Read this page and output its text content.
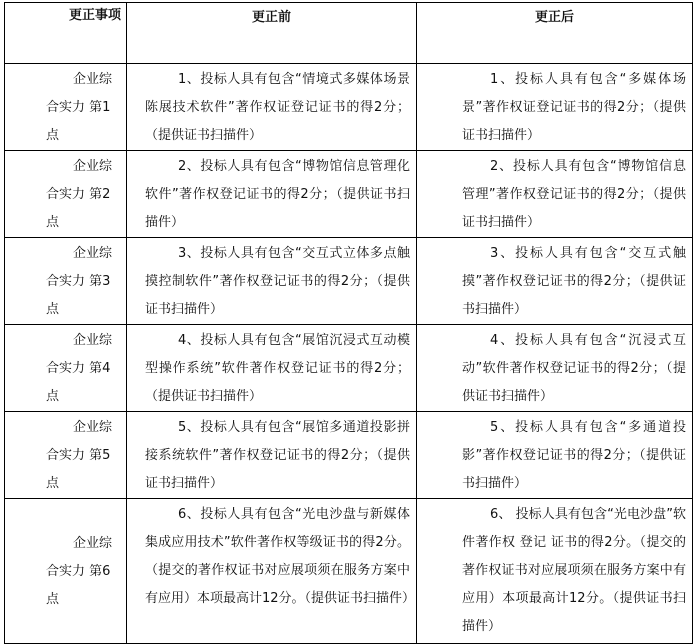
更正事项	更正前	更正后
企业综合实力 第1点	1、投标人具有包含“情境式多媒体场景陈展技术软件”著作权证登记证书的得2分；（提供证书扫描件）	1、投标人具有包含“多媒体场景”著作权证登记证书的得2分；（提供证书扫描件）
企业综合实力 第2点	2、投标人具有包含“博物馆信息管理化软件”著作权登记证书的得2分；（提供证书扫描件）	2、投标人具有包含“博物馆信息管理”著作权登记证书的得2分；（提供证书扫描件）
企业综合实力 第3点	3、投标人具有包含“交互式立体多点触摸控制软件”著作权登记证书的得2分；（提供证书扫描件）	3、投标人具有包含“交互式触摸”著作权登记证书的得2分；（提供证书扫描件）
企业综合实力 第4点	4、投标人具有包含“展馆沉浸式互动模型操作系统”软件著作权登记证书的得2分；（提供证书扫描件）	4、投标人具有包含“沉浸式互动”软件著作权登记证书的得2分；（提供证书扫描件）
企业综合实力 第5点	5、投标人具有包含“展馆多通道投影拼接系统软件”著作权登记证书的得2分；（提供证书扫描件）	5、投标人具有包含“多通道投影”著作权登记证书的得2分；（提供证书扫描件）
企业综合实力 第6点	6、投标人具有包含“光电沙盘与新媒体集成应用技术”软件著作权等级证书的得2分。（提交的著作权证书对应展项须在服务方案中有应用）本项最高计12分。（提供证书扫描件）	6、 投标人具有包含“光电沙盘”软件著作权 登记 证书的得2分。（提交的著作权证书对应展项须在服务方案中有应用）本项最高计12分。（提供证书扫描件）
